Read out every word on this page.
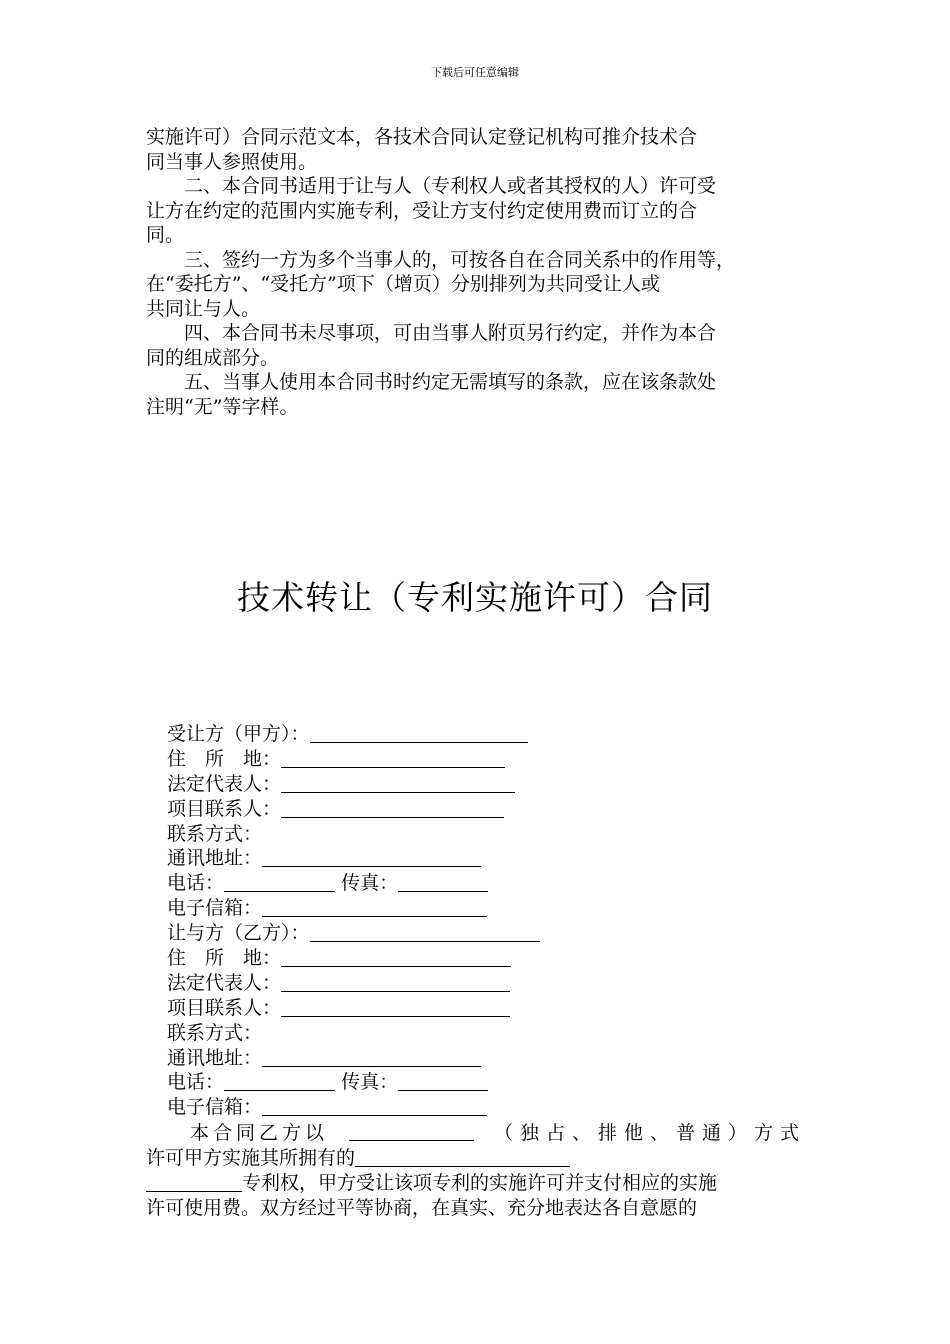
下载后可任意编辑

实施许可）合同示范文本，各技术合同认定登记机构可推介技术合

同当事人参照使用。

二、本合同书适用于让与人（专利权人或者其授权的人）许可受

让方在约定的范围内实施专利，受让方支付约定使用费而订立的合

同。

三、签约一方为多个当事人的，可按各自在合同关系中的作用等，

在“委托方”、“受托方”项下（增页）分别排列为共同受让人或

共同让与人。

四、本合同书未尽事项，可由当事人附页另行约定，并作为本合

同的组成部分。

五、当事人使用本合同书时约定无需填写的条款，应在该条款处

注明“无”等字样。

技术转让（专利实施许可）合同
受让方（甲方）：
住　所　地：
法定代表人：
项目联系人：
联系方式：
通讯地址：
电话：	传真：
电子信箱：
让与方（乙方）：
住　所　地：
法定代表人：
项目联系人：
联系方式：
通讯地址：
电话：	传真：
电子信箱：
本合同乙方以	（独占、排他、普通）方式
许可甲方实施其所拥有的
专利权，甲方受让该项专利的实施许可并支付相应的实施
许可使用费。双方经过平等协商，在真实、充分地表达各自意愿的
